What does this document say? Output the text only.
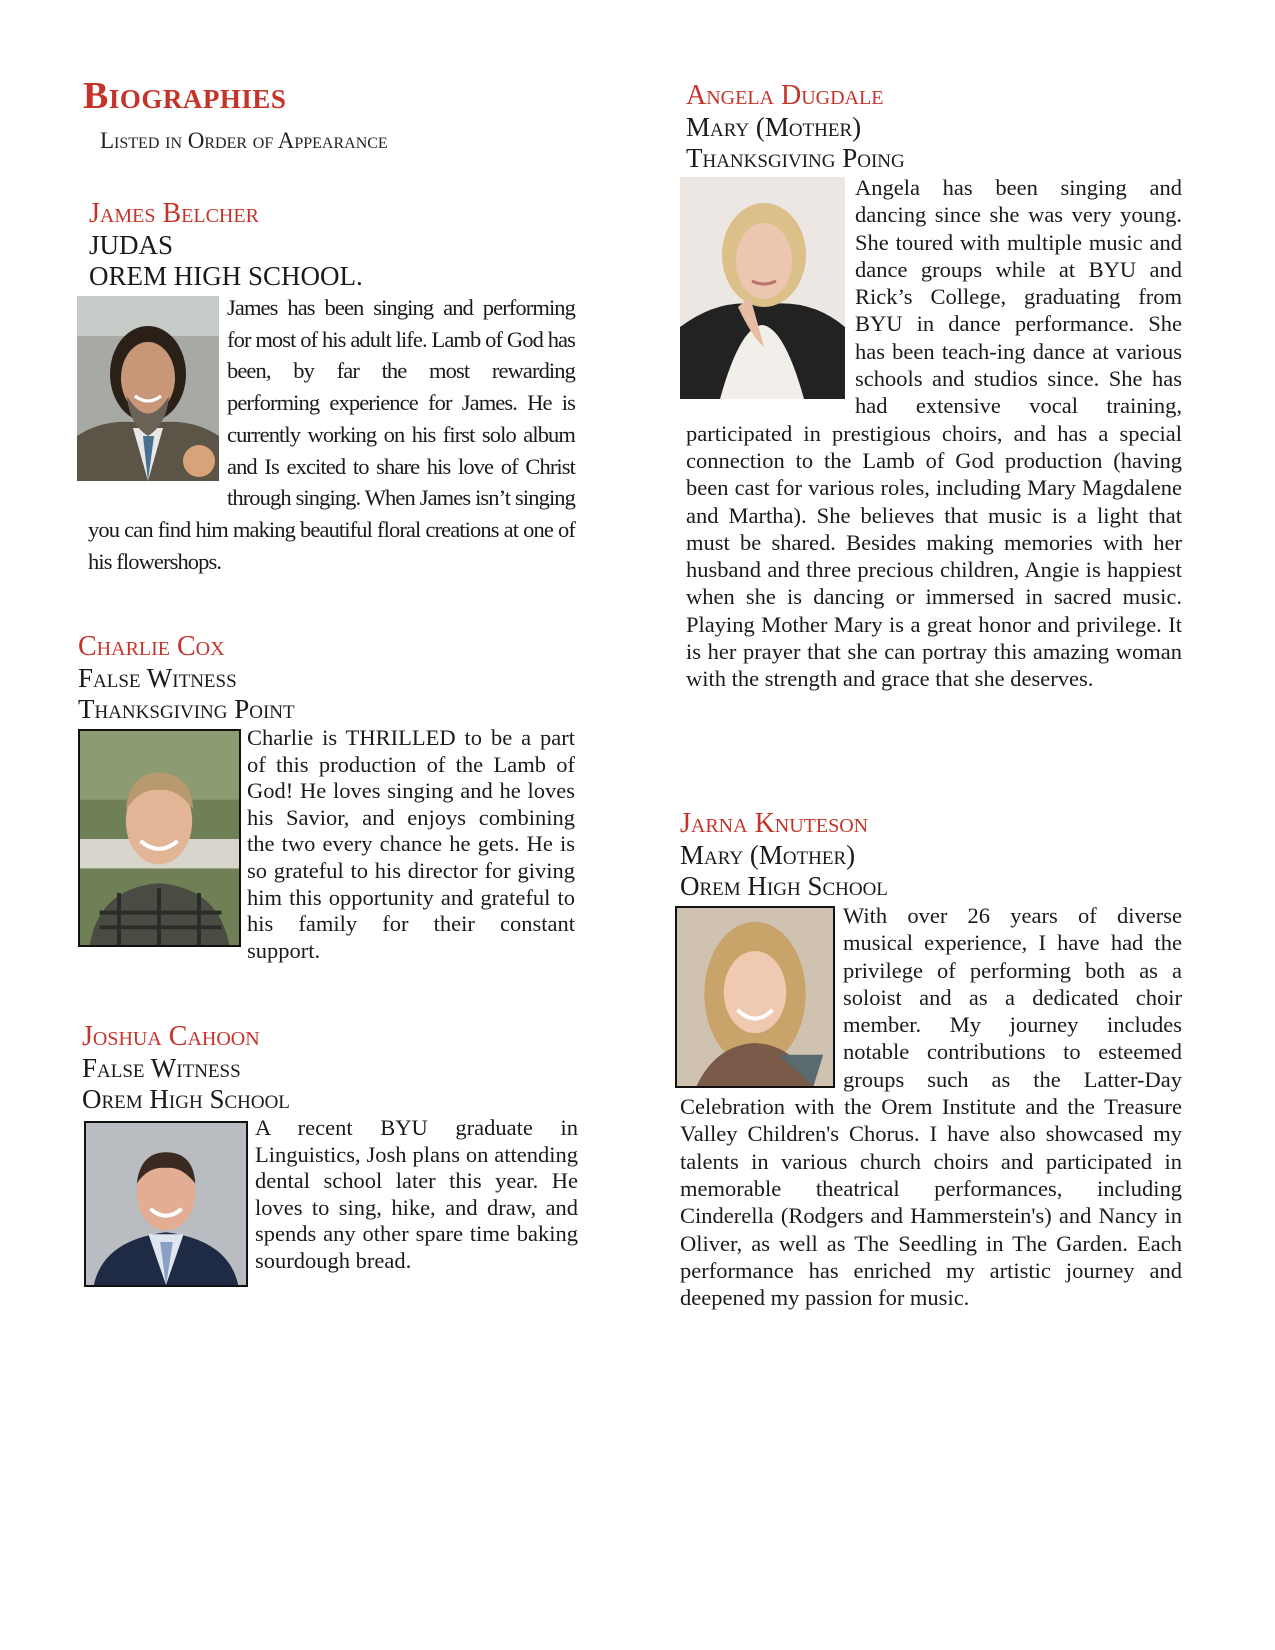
Biographies
Listed in Order of Appearance
James Belcher
JUDAS
OREM HIGH SCHOOL.

James has been singing and performing for most of his adult life. Lamb of God has been, by far the most rewarding performing experience for James. He is currently working on his first solo album and Is excited to share his love of Christ through singing. When James isn’t singing you can find him making beautiful floral creations at one of his flowershops.

Charlie Cox
False Witness
Thanksgiving Point

Charlie is THRILLED to be a part of this production of the Lamb of God! He loves singing and he loves his Savior, and enjoys combining the two every chance he gets. He is so grateful to his director for giving him this opportunity and grateful to his family for their constant support.

Joshua Cahoon
False Witness
Orem High School

A recent BYU graduate in Linguistics, Josh plans on attending dental school later this year. He loves to sing, hike, and draw, and spends any other spare time baking sourdough bread.

Angela Dugdale
Mary (Mother)
Thanksgiving Poing

Angela has been singing and dancing since she was very young. She toured with multiple music and dance groups while at BYU and Rick’s College, graduating from BYU in dance performance. She has been teach-ing dance at various schools and studios since. She has had extensive vocal training, participated in prestigious choirs, and has a special connection to the Lamb of God production (having been cast for various roles, including Mary Magdalene and Martha). She believes that music is a light that must be shared. Besides making memories with her husband and three precious children, Angie is happiest when she is dancing or immersed in sacred music. Playing Mother Mary is a great honor and privilege. It is her prayer that she can portray this amazing woman with the strength and grace that she deserves.

Jarna Knuteson
Mary (Mother)
Orem High School

With over 26 years of diverse musical experience, I have had the privilege of performing both as a soloist and as a dedicated choir member. My journey includes notable contributions to esteemed groups such as the Latter-Day Celebration with the Orem Institute and the Treasure Valley Children's Chorus. I have also showcased my talents in various church choirs and participated in memorable theatrical performances, including Cinderella (Rodgers and Hammerstein's) and Nancy in Oliver, as well as The Seedling in The Garden. Each performance has enriched my artistic journey and deepened my passion for music.
